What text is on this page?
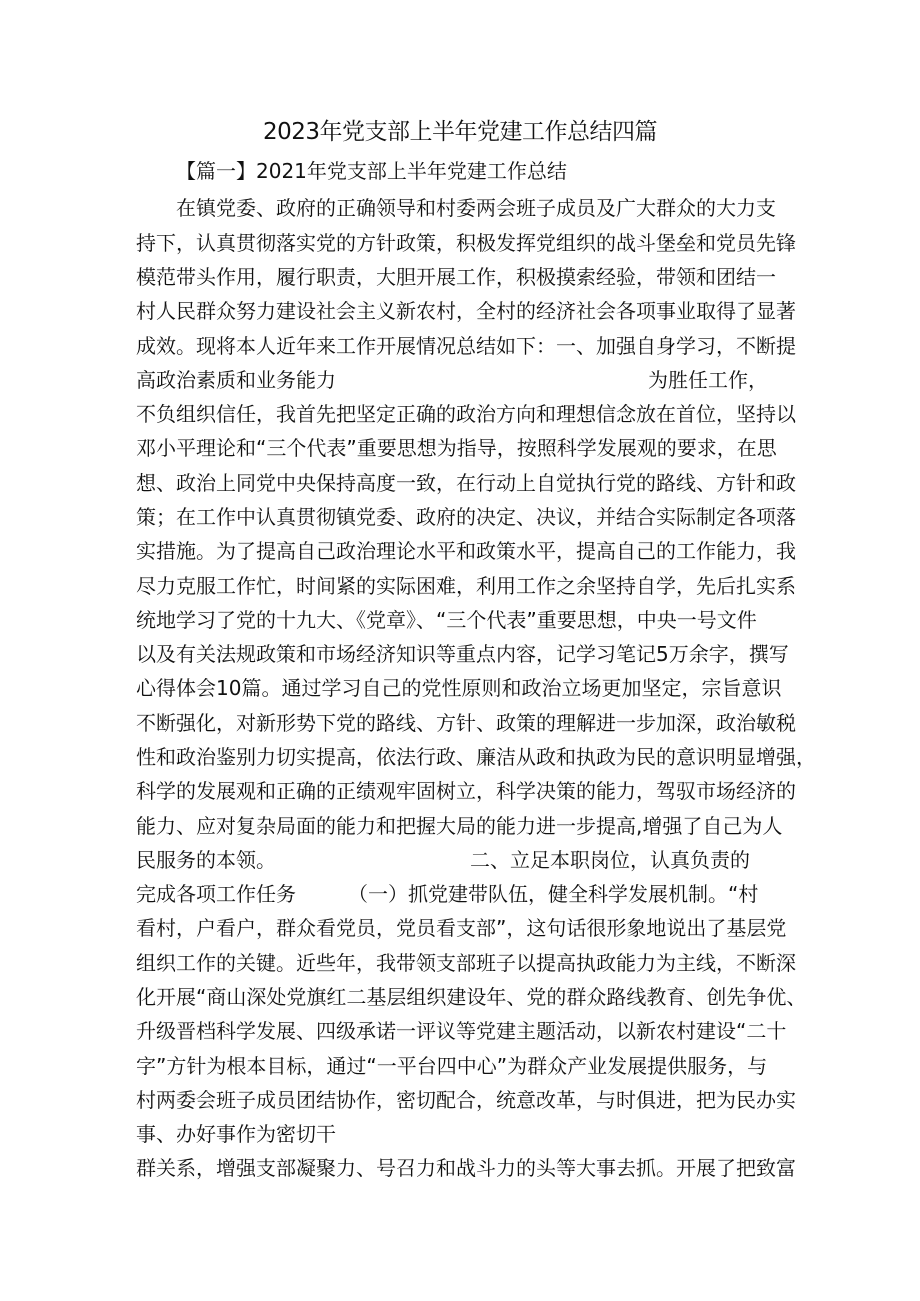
2023年党支部上半年党建工作总结四篇
【篇一】2021年党支部上半年党建工作总结
在镇党委、政府的正确领导和村委两会班子成员及广大群众的大力支
持下，认真贯彻落实党的方针政策，积极发挥党组织的战斗堡垒和党员先锋
模范带头作用，履行职责，大胆开展工作，积极摸索经验，带领和团结一
村人民群众努力建设社会主义新农村，全村的经济社会各项事业取得了显著
成效。现将本人近年来工作开展情况总结如下：一、加强自身学习，不断提
高政治素质和业务能力	为胜任工作，
不负组织信任，我首先把坚定正确的政治方向和理想信念放在首位，坚持以
邓小平理论和“三个代表”重要思想为指导，按照科学发展观的要求，在思
想、政治上同党中央保持高度一致，在行动上自觉执行党的路线、方针和政
策；在工作中认真贯彻镇党委、政府的决定、决议，并结合实际制定各项落
实措施。为了提高自己政治理论水平和政策水平，提高自己的工作能力，我
尽力克服工作忙，时间紧的实际困难，利用工作之余坚持自学，先后扎实系
统地学习了党的十九大、《党章》、“三个代表”重要思想，中央一号文件
以及有关法规政策和市场经济知识等重点内容，记学习笔记5万余字，撰写
心得体会10篇。通过学习自己的党性原则和政治立场更加坚定，宗旨意识
不断强化，对新形势下党的路线、方针、政策的理解进一步加深，政治敏税
性和政治鉴别力切实提高，依法行政、廉洁从政和执政为民的意识明显增强，
科学的发展观和正确的正绩观牢固树立，科学决策的能力，驾驭市场经济的
能力、应对复杂局面的能力和把握大局的能力进一步提高,增强了自己为人
民服务的本领。	二、立足本职岗位，认真负责的
完成各项工作任务	（一）抓党建带队伍，健全科学发展机制。“村
看村，户看户，群众看党员，党员看支部”，这句话很形象地说出了基层党
组织工作的关键。近些年，我带领支部班子以提高执政能力为主线，不断深
化开展“商山深处党旗红二基层组织建设年、党的群众路线教育、创先争优、
升级晋档科学发展、四级承诺一评议等党建主题活动，以新农村建设“二十
字”方针为根本目标，通过“一平台四中心”为群众产业发展提供服务，与
村两委会班子成员团结协作，密切配合，统意改革，与时俱进，把为民办实
事、办好事作为密切干
群关系，增强支部凝聚力、号召力和战斗力的头等大事去抓。开展了把致富
